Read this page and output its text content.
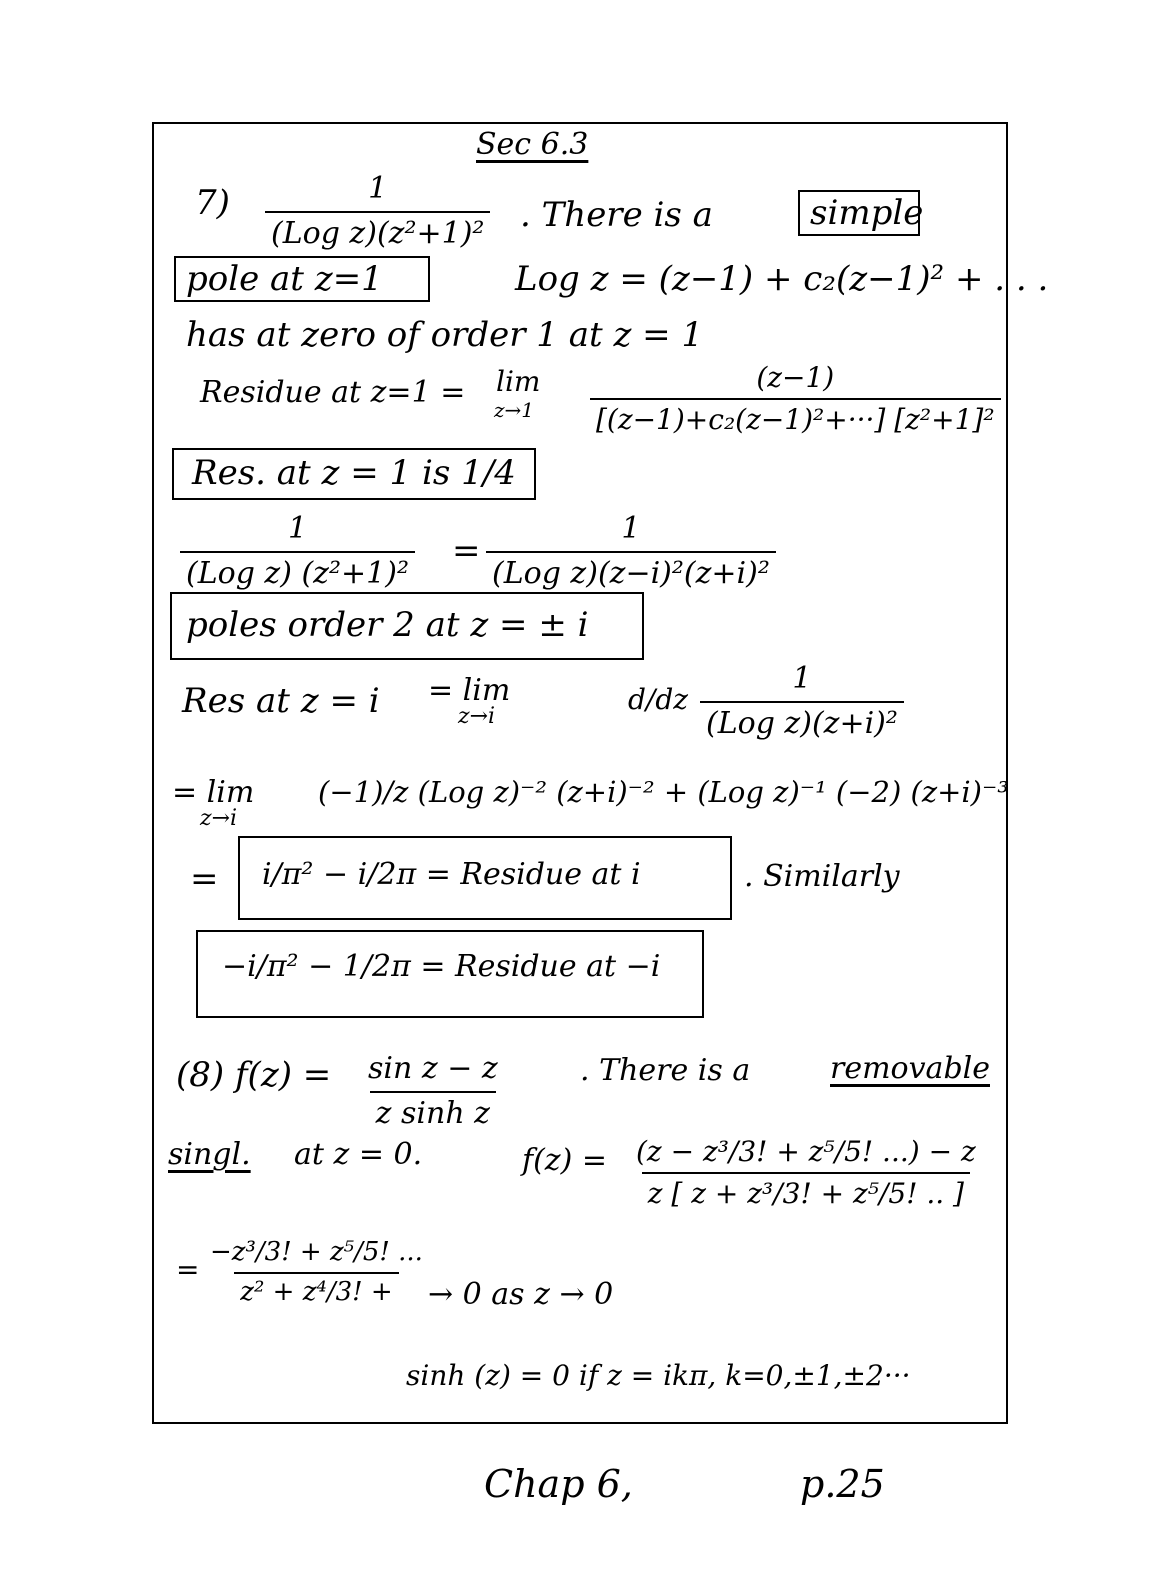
Sec 6.3
7)	1
(Log z)(z²+1)² . There is a	simple
pole at z=1	Log z = (z−1) + c₂(z−1)² + . . .
has at zero of order 1 at z = 1
Residue at z=1 = lim
$z\to 1 \frac{(z-1)}{\text{[(z−1)+c₂(z−1)²+···] [z²+1]²}}$
Res. at z = 1 is 1/4
1
(Log z) (z²+1)²
=
1
(Log z)(z−i)²(z+i)²
poles order 2 at z = ± i
Res at z = i = lim
z→i
d/dz
1
(Log z)(z+i)²
= lim
z→i
(−1)/z (Log z)⁻² (z+i)⁻² + (Log z)⁻¹ (−2) (z+i)⁻³
= i/π² − i/2π = Residue at i	. Similarly
−i/π² − 1/2π = Residue at −i
(8) $f(z) = \frac{\text{sin z − z}}{\text{z sinh z}}$	. There is a	removable
singl. at z = 0.	$f(z) = \frac{\text{(z − z³/3! + z⁵/5! ...) − z}}{\text{z [ z + z³/3! + z⁵/5! .. ]}}$
= $\frac{\text{−z³/3! + z⁵/5! ...}}{\text{z² + z⁴/3! +}} \to 0$ as z → 0
sinh (z) = 0 if z = ikπ, k=0,±1,±2···
Chap 6,	p.25
